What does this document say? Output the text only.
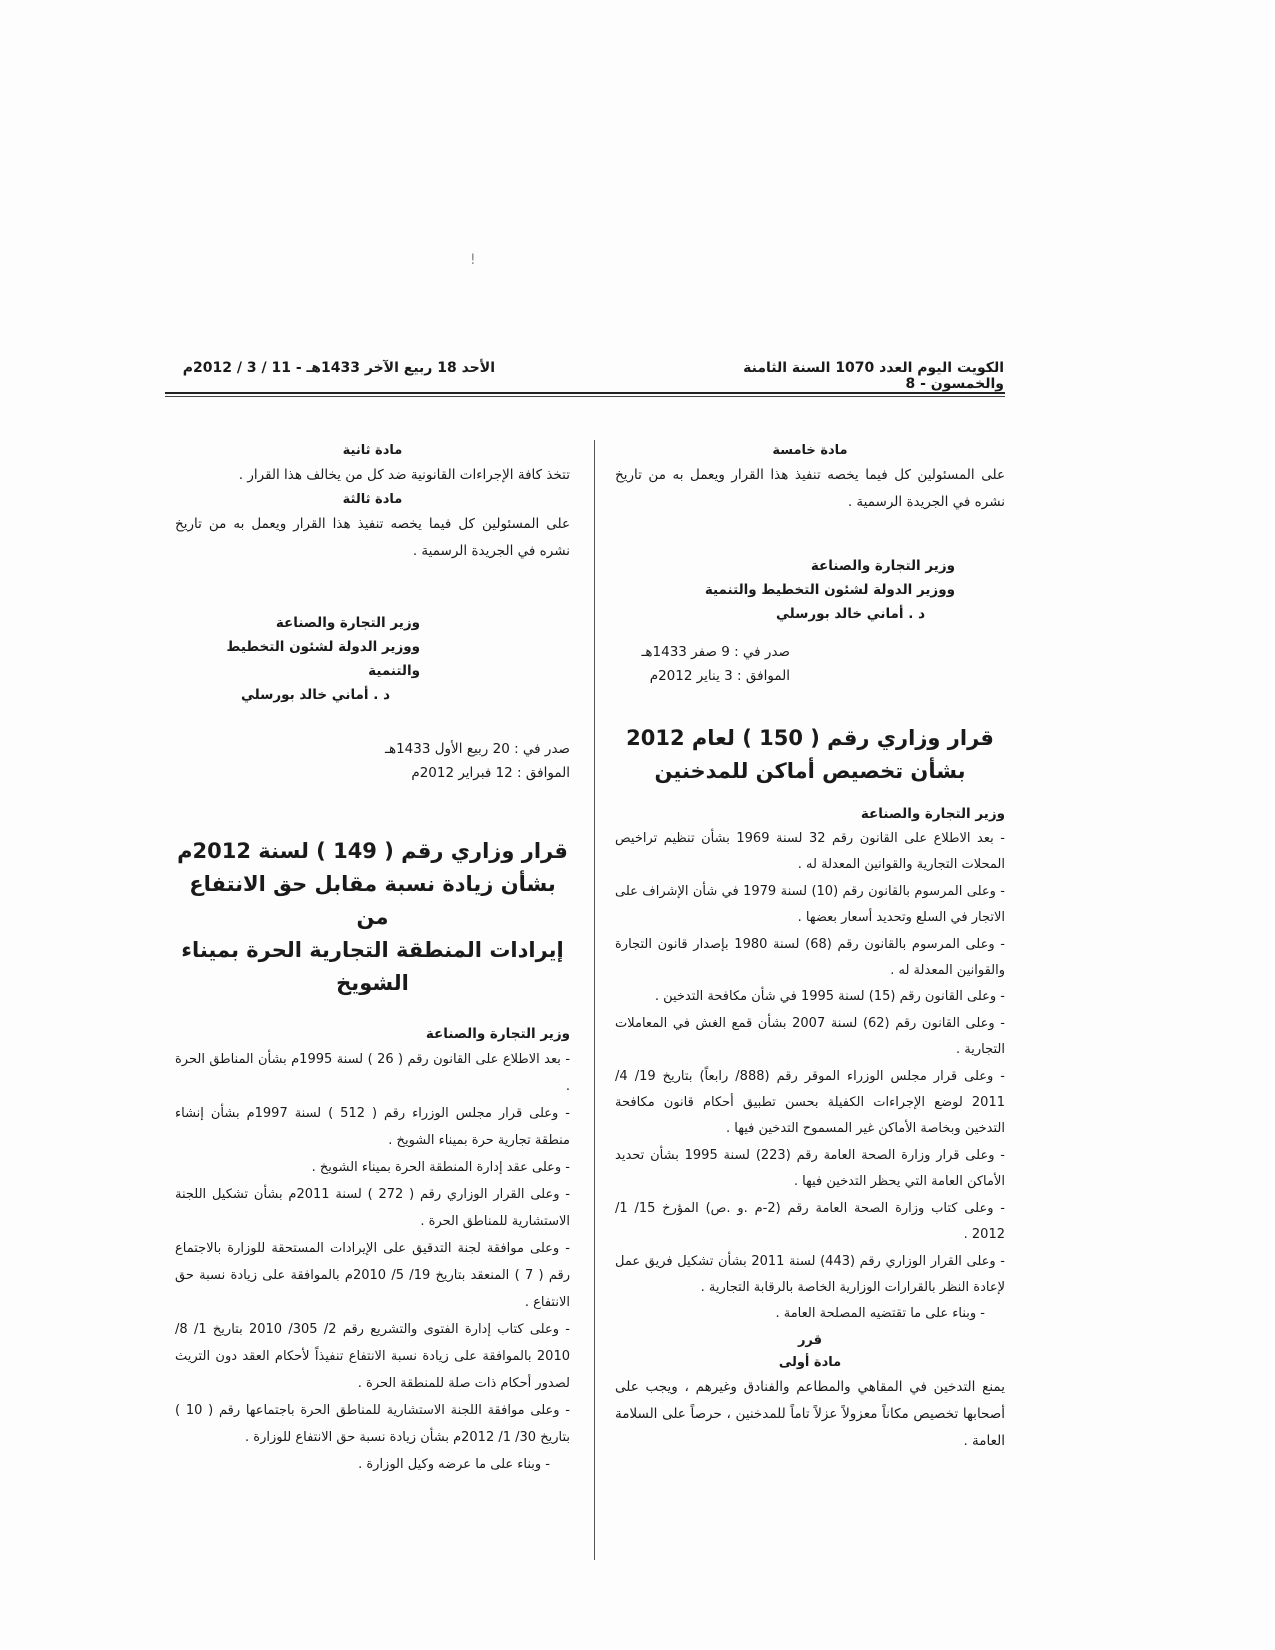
!
الكويت اليوم العدد 1070 السنة الثامنة والخمسون - 8
الأحد 18 ربيع الآخر 1433هـ - 11 / 3 / 2012م

مادة خامسة

على المسئولين كل فيما يخصه تنفيذ هذا القرار ويعمل به من تاريخ نشره في الجريدة الرسمية .

وزير التجارة والصناعة

ووزير الدولة لشئون التخطيط والتنمية

د . أماني خالد بورسلي

صدر في : 9 صفر 1433هـ
الموافق : 3 يناير 2012م

قرار وزاري رقم ( 150 ) لعام 2012

بشأن تخصيص أماكن للمدخنين

وزير التجارة والصناعة

- بعد الاطلاع على القانون رقم 32 لسنة 1969 بشأن تنظيم تراخيص المحلات التجارية والقوانين المعدلة له .

- وعلى المرسوم بالقانون رقم (10) لسنة 1979 في شأن الإشراف على الاتجار في السلع وتحديد أسعار بعضها .

- وعلى المرسوم بالقانون رقم (68) لسنة 1980 بإصدار قانون التجارة والقوانين المعدلة له .

- وعلى القانون رقم (15) لسنة 1995 في شأن مكافحة التدخين .

- وعلى القانون رقم (62) لسنة 2007 بشأن قمع الغش في المعاملات التجارية .

- وعلى قرار مجلس الوزراء الموقر رقم (888/ رابعاً) بتاريخ 19/ 4/ 2011 لوضع الإجراءات الكفيلة بحسن تطبيق أحكام قانون مكافحة التدخين وبخاصة الأماكن غير المسموح التدخين فيها .

- وعلى قرار وزارة الصحة العامة رقم (223) لسنة 1995 بشأن تحديد الأماكن العامة التي يحظر التدخين فيها .

- وعلى كتاب وزارة الصحة العامة رقم (2-م .و .ص) المؤرخ 15/ 1/ 2012 .

- وعلى القرار الوزاري رقم (443) لسنة 2011 بشأن تشكيل فريق عمل لإعادة النظر بالقرارات الوزارية الخاصة بالرقابة التجارية .

- وبناء على ما تقتضيه المصلحة العامة .

قرر

مادة أولى

يمنع التدخين في المقاهي والمطاعم والفنادق وغيرهم ، ويجب على أصحابها تخصيص مكاناً معزولاً عزلاً تاماً للمدخنين ، حرصاً على السلامة العامة .

مادة ثانية

تتخذ كافة الإجراءات القانونية ضد كل من يخالف هذا القرار .

مادة ثالثة

على المسئولين كل فيما يخصه تنفيذ هذا القرار ويعمل به من تاريخ نشره في الجريدة الرسمية .

وزير التجارة والصناعة

ووزير الدولة لشئون التخطيط والتنمية

د . أماني خالد بورسلي

صدر في : 20 ربيع الأول 1433هـ
الموافق : 12 فبراير 2012م

قرار وزاري رقم ( 149 ) لسنة 2012م

بشأن زيادة نسبة مقابل حق الانتفاع من

إيرادات المنطقة التجارية الحرة بميناء الشويخ

وزير التجارة والصناعة

- بعد الاطلاع على القانون رقم ( 26 ) لسنة 1995م بشأن المناطق الحرة .

- وعلى قرار مجلس الوزراء رقم ( 512 ) لسنة 1997م بشأن إنشاء منطقة تجارية حرة بميناء الشويخ .

- وعلى عقد إدارة المنطقة الحرة بميناء الشويخ .

- وعلى القرار الوزاري رقم ( 272 ) لسنة 2011م بشأن تشكيل اللجنة الاستشارية للمناطق الحرة .

- وعلى موافقة لجنة التدقيق على الإيرادات المستحقة للوزارة بالاجتماع رقم ( 7 ) المنعقد بتاريخ 19/ 5/ 2010م بالموافقة على زيادة نسبة حق الانتفاع .

- وعلى كتاب إدارة الفتوى والتشريع رقم 2/ 305/ 2010 بتاريخ 1/ 8/ 2010 بالموافقة على زيادة نسبة الانتفاع تنفيذاً لأحكام العقد دون التريث لصدور أحكام ذات صلة للمنطقة الحرة .

- وعلى موافقة اللجنة الاستشارية للمناطق الحرة باجتماعها رقم ( 10 ) بتاريخ 30/ 1/ 2012م بشأن زيادة نسبة حق الانتفاع للوزارة .

- وبناء على ما عرضه وكيل الوزارة .
